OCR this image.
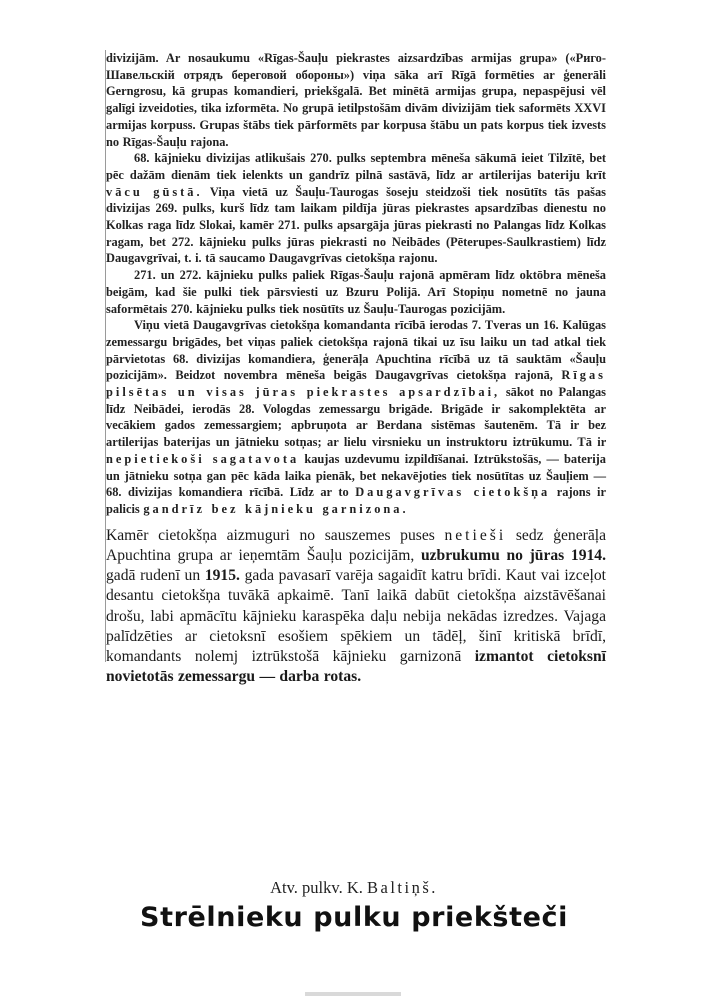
divizijām. Ar nosaukumu «Rīgas-Šauļu piekrastes aizsardzības armijas grupa» («Риго-Шавельскій отрядъ береговой обороны») viņa sāka arī Rīgā formēties ar ģenerāli Gerngrosu, kā grupas komandieri, priekšgalā. Bet minētā armijas grupa, nepaspējusi vēl galīgi izveidoties, tika izformēta. No grupā ietilpstošām divām divizijām tiek saformēts XXVI armijas korpuss. Grupas štābs tiek pārformēts par korpusa štābu un pats korpus tiek izvests no Rīgas-Šauļu rajona.

68. kājnieku divizijas atlikušais 270. pulks septembra mēneša sākumā ieiet Tilzītē, bet pēc dažām dienām tiek ielenkts un gandrīz pilnā sastāvā, līdz ar artilerijas bateriju krīt vācu gūstā. Viņa vietā uz Šauļu-Taurogas šoseju steidzoši tiek nosūtīts tās pašas divizijas 269. pulks, kurš līdz tam laikam pildīja jūras piekrastes apsardzības dienestu no Kolkas raga līdz Slokai, kamēr 271. pulks apsargāja jūras piekrasti no Palangas līdz Kolkas ragam, bet 272. kājnieku pulks jūras piekrasti no Neibādes (Pēterupes-Saulkrastiem) līdz Daugavgrīvai, t. i. tā saucamo Daugavgrīvas cietokšņa rajonu.

271. un 272. kājnieku pulks paliek Rīgas-Šauļu rajonā apmēram līdz oktōbra mēneša beigām, kad šie pulki tiek pārsviesti uz Bzuru Poliјā. Arī Stopiņu nometnē no jauna saformētais 270. kājnieku pulks tiek nosūtīts uz Šauļu-Taurogas pozicijām.

Viņu vietā Daugavgrīvas cietokšņa komandanta rīcībā ierodas 7. Tveras un 16. Kalūgas zemessargu brigādes, bet viņas paliek cietokšņa rajonā tikai uz īsu laiku un tad atkal tiek pārvietotas 68. divizijas komandiera, ģenerāļa Apuchtina rīcībā uz tā sauktām «Šauļu pozicijām». Beidzot novembra mēneša beigās Daugavgrīvas cietokšņa rajonā, Rīgas pilsētas un visas jūras piekrastes apsardzībai, sākot no Palangas līdz Neibādei, ierodās 28. Vologdas zemessargu brigāde. Brigāde ir sakomplektēta ar vecākiem gados zemessargiem; apbruņota ar Berdana sistēmas šautenēm. Tā ir bez artilerijas baterijas un jātnieku sotņas; ar lielu virsnieku un instruktoru iztrūkumu. Tā ir nepietiekoši sagatavota kaujas uzdevumu izpildīšanai. Iztrūkstošās, — baterija un jātnieku sotņa gan pēc kāda laika pienāk, bet nekavējoties tiek nosūtītas uz Šauļiem — 68. divizijas komandiera rīcībā. Līdz ar to Daugavgrīvas cietokšņa rajons ir palicis gandrīz bez kājnieku garnizona.

Kamēr cietokšņa aizmuguri no sauszemes puses netieši sedz ģenerāļa Apuchtina grupa ar ieņemtām Šauļu pozicijām, uzbrukumu no jūras 1914. gadā rudenī un 1915. gada pavasarī varēja sagaidīt katru brīdi. Kaut vai izceļot desantu cietokšņa tuvākā apkaimē. Tanī laikā dabūt cietokšņa aizstāvēšanai drošu, labi apmācītu kājnieku karaspēka daļu nebija nekādas izredzes. Vajaga palīdzēties ar cietoksnī esošiem spēkiem un tādēļ, šinī kritiskā brīdī, komandants nolemj iztrūkstošā kājnieku garnizonā izmantot cietoksnī novietotās zemessargu — darba rotas.

Atv. pulkv. K. Baltiņš.
Strēlnieku pulku priekšteči
